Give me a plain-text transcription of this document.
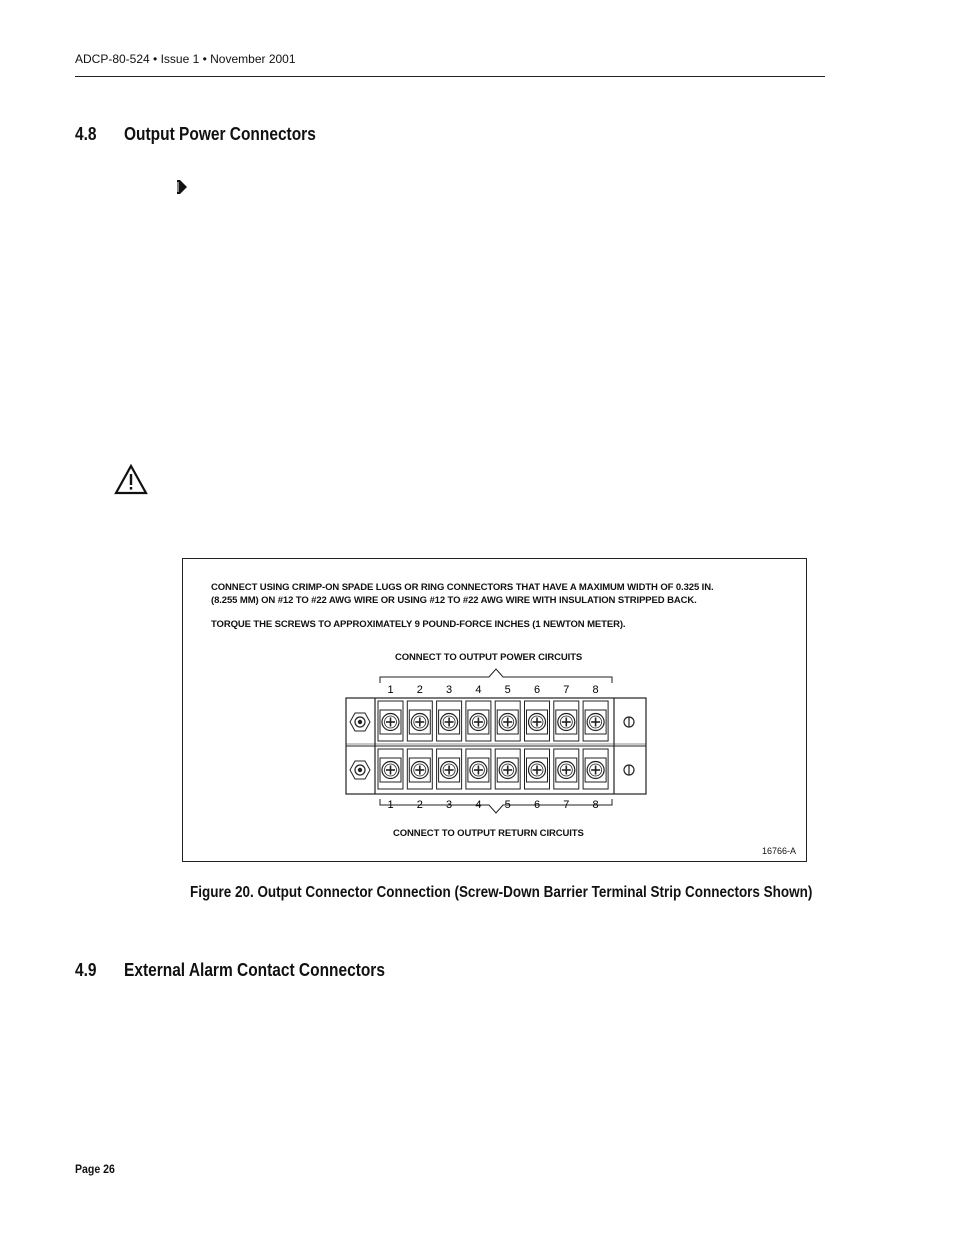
ADCP-80-524 • Issue 1 • November 2001
4.8 Output Power Connectors
CONNECT USING CRIMP-ON SPADE LUGS OR RING CONNECTORS THAT HAVE A MAXIMUM WIDTH OF 0.325 IN.
(8.255 MM) ON #12 TO #22 AWG WIRE OR USING #12 TO #22 AWG WIRE WITH INSULATION STRIPPED BACK.
TORQUE THE SCREWS TO APPROXIMATELY 9 POUND-FORCE INCHES (1 NEWTON METER).
CONNECT TO OUTPUT POWER CIRCUITS
CONNECT TO OUTPUT RETURN CIRCUITS
16766-A
1 2 3 4 5 6 7 8
1 2 3 4 5 6 7 8
Figure 20. Output Connector Connection (Screw-Down Barrier Terminal Strip Connectors Shown)
4.9 External Alarm Contact Connectors
Page 26
